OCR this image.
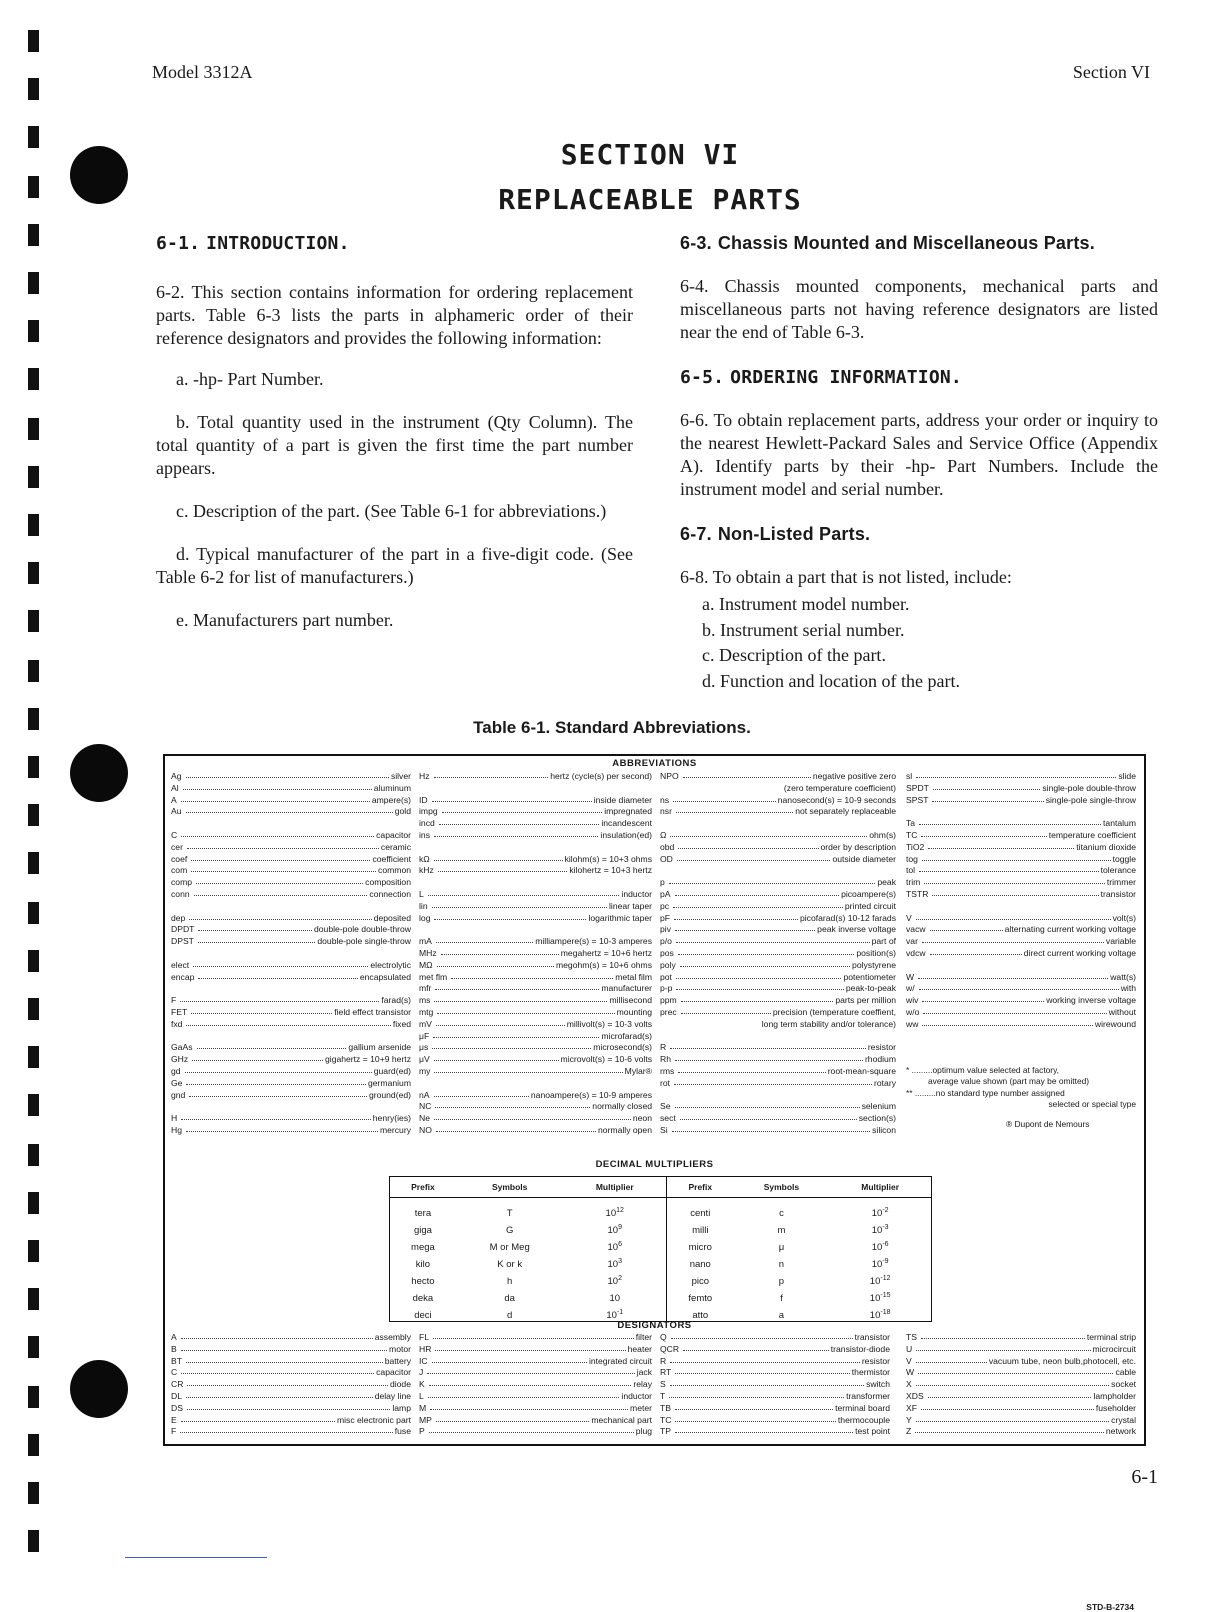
Model 3312A	Section VI
SECTION VI
REPLACEABLE PARTS
6-1. INTRODUCTION.

6-2. This section contains information for ordering replacement parts. Table 6-3 lists the parts in alphameric order of their reference designators and provides the following information:

a. -hp- Part Number.

b. Total quantity used in the instrument (Qty Column). The total quantity of a part is given the first time the part number appears.

c. Description of the part. (See Table 6-1 for abbreviations.)

d. Typical manufacturer of the part in a five-digit code. (See Table 6-2 for list of manufacturers.)

e. Manufacturers part number.

6-3. Chassis Mounted and Miscellaneous Parts.

6-4. Chassis mounted components, mechanical parts and miscellaneous parts not having reference designators are listed near the end of Table 6-3.

6-5. ORDERING INFORMATION.

6-6. To obtain replacement parts, address your order or inquiry to the nearest Hewlett-Packard Sales and Service Office (Appendix A). Identify parts by their -hp- Part Numbers. Include the instrument model and serial number.

6-7. Non-Listed Parts.

6-8. To obtain a part that is not listed, include:

a. Instrument model number.

b. Instrument serial number.

c. Description of the part.

d. Function and location of the part.

Table 6-1. Standard Abbreviations.
ABBREVIATIONS
Ag	silver
Al	aluminum
A	ampere(s)
Au	gold
C	capacitor
cer	ceramic
coef	coefficient
com	common
comp	composition
conn	connection
dep	deposited
DPDT	double-pole double-throw
DPST	double-pole single-throw
elect	electrolytic
encap	encapsulated
F	farad(s)
FET	field effect transistor
fxd	fixed
GaAs	gallium arsenide
GHz	gigahertz = 10+9 hertz
gd	guard(ed)
Ge	germanium
gnd	ground(ed)
H	henry(ies)
Hg	mercury
Hz	hertz (cycle(s) per second)
ID	inside diameter
impg	impregnated
incd	incandescent
ins	insulation(ed)
kΩ	kilohm(s) = 10+3 ohms
kHz	kilohertz = 10+3 hertz
L	inductor
lin	linear taper
log	logarithmic taper
mA	milliampere(s) = 10-3 amperes
MHz	megahertz = 10+6 hertz
MΩ	megohm(s) = 10+6 ohms
met flm	metal film
mfr	manufacturer
ms	millisecond
mtg	mounting
mV	millivolt(s) = 10-3 volts
μF	microfarad(s)
μs	microsecond(s)
μV	microvolt(s) = 10-6 volts
my	Mylar®
nA	nanoampere(s) = 10-9 amperes
NC	normally closed
Ne	neon
NO	normally open
NPO	negative positive zero
(zero temperature coefficient)
ns	nanosecond(s) = 10-9 seconds
nsr	not separately replaceable
Ω	ohm(s)
obd	order by description
OD	outside diameter
p	peak
pA	picoampere(s)
pc	printed circuit
pF	picofarad(s) 10-12 farads
piv	peak inverse voltage
p/o	part of
pos	position(s)
poly	polystyrene
pot	potentiometer
p-p	peak-to-peak
ppm	parts per million
prec	precision (temperature coeffient,
long term stability and/or tolerance)
R	resistor
Rh	rhodium
rms	root-mean-square
rot	rotary
Se	selenium
sect	section(s)
Si	silicon
sl	slide
SPDT	single-pole double-throw
SPST	single-pole single-throw
Ta	tantalum
TC	temperature coefficient
TiO2	titanium dioxide
tog	toggle
tol	tolerance
trim	trimmer
TSTR	transistor
V	volt(s)
vacw	alternating current working voltage
var	variable
vdcw	direct current working voltage
W	watt(s)
w/	with
wiv	working inverse voltage
w/o	without
ww	wirewound
* .........optimum value selected at factory,
average value shown (part may be omitted)
** .........no standard type number assigned
selected or special type
® Dupont de Nemours
DECIMAL MULTIPLIERS
Prefix	Symbols	Multiplier	Prefix	Symbols	Multiplier
tera	T	$10^{12}$	centi	c	$10^{-2}$
giga	G	$10^9$	milli	m	$10^{-3}$
mega	M or Meg	$10^6$	micro	μ	$10^{-6}$
kilo	K or k	$10^3$	nano	n	$10^{-9}$
hecto	h	$10^2$	pico	p	$10^{-12}$
deka	da	10	femto	f	$10^{-15}$
deci	d	$10^{-1}$	atto	a	$10^{-18}$
STD-B-2734
DESIGNATORS
A	assembly
B	motor
BT	battery
C	capacitor
CR	diode
DL	delay line
DS	lamp
E	misc electronic part
F	fuse
FL	filter
HR	heater
IC	integrated circuit
J	jack
K	relay
L	inductor
M	meter
MP	mechanical part
P	plug
Q	transistor
QCR	transistor-diode
R	resistor
RT	thermistor
S	switch
T	transformer
TB	terminal board
TC	thermocouple
TP	test point
TS	terminal strip
U	microcircuit
V	vacuum tube, neon bulb,photocell, etc.
W	cable
X	socket
XDS	lampholder
XF	fuseholder
Y	crystal
Z	network
6-1
